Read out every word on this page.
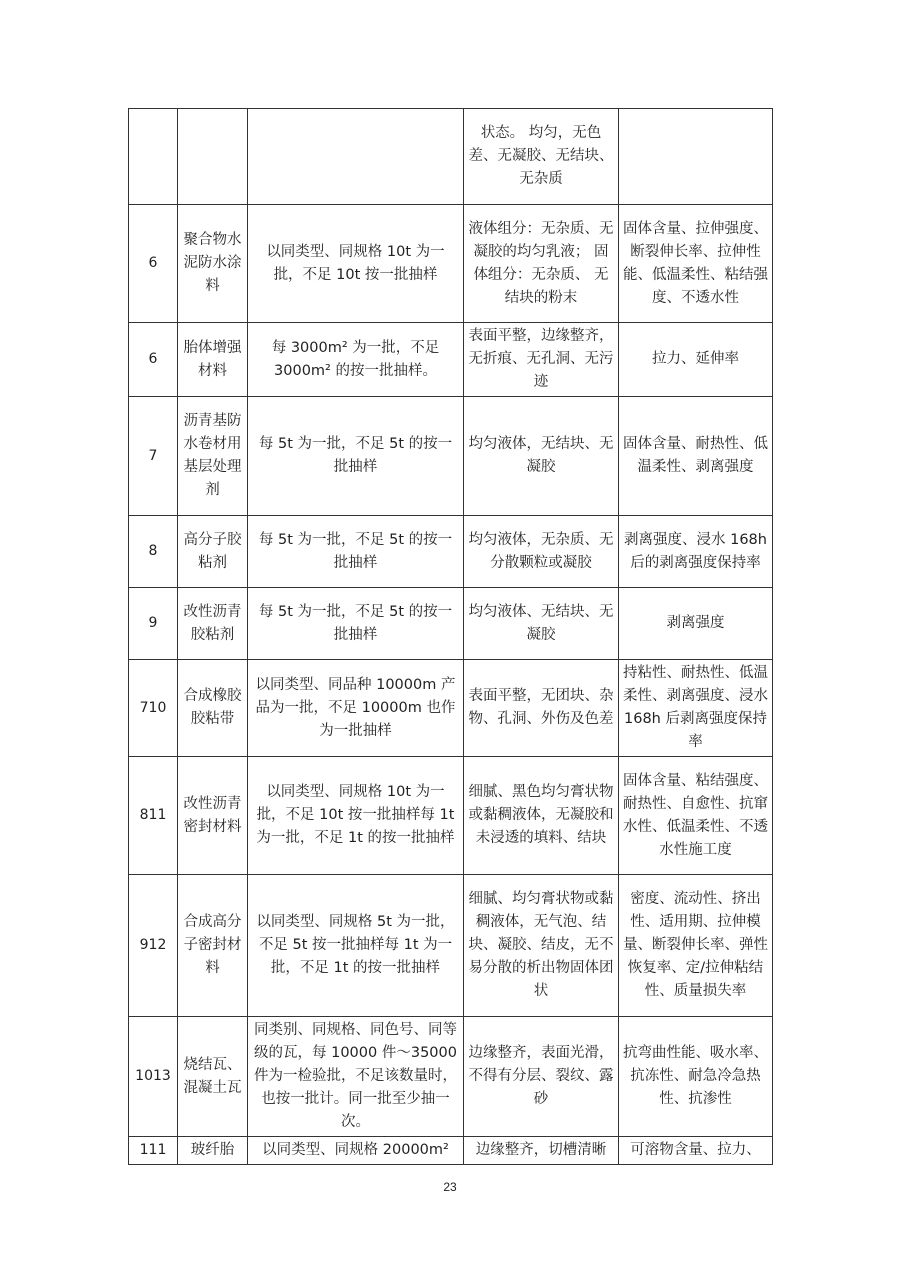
			状态。 均匀，无色差、无凝胶、无结块、无杂质	
6	聚合物水泥防水涂料	以同类型、同规格 10t 为一批，不足 10t 按一批抽样	液体组分：无杂质、无凝胶的均匀乳液； 固体组分：无杂质、 无结块的粉末	固体含量、拉伸强度、断裂伸长率、拉伸性能、低温柔性、粘结强度、不透水性
6	胎体增强材料	每 3000m² 为一批，不足 3000m² 的按一批抽样。	表面平整，边缘整齐，无折痕、无孔洞、无污迹	拉力、延伸率
7	沥青基防水卷材用基层处理剂	每 5t 为一批，不足 5t 的按一批抽样	均匀液体，无结块、无凝胶	固体含量、耐热性、低温柔性、剥离强度
8	高分子胶粘剂	每 5t 为一批，不足 5t 的按一批抽样	均匀液体，无杂质、无分散颗粒或凝胶	剥离强度、浸水 168h 后的剥离强度保持率
9	改性沥青胶粘剂	每 5t 为一批，不足 5t 的按一批抽样	均匀液体、无结块、无凝胶	剥离强度
710	合成橡胶胶粘带	以同类型、同品种 10000m 产品为一批，不足 10000m 也作为一批抽样	表面平整，无团块、杂物、孔洞、外伤及色差	持粘性、耐热性、低温柔性、剥离强度、浸水 168h 后剥离强度保持率
811	改性沥青密封材料	以同类型、同规格 10t 为一批，不足 10t 按一批抽样每 1t 为一批，不足 1t 的按一批抽样	细腻、黑色均匀膏状物或黏稠液体，无凝胶和未浸透的填料、结块	固体含量、粘结强度、耐热性、自愈性、抗窜水性、低温柔性、不透水性施工度
912	合成高分子密封材料	以同类型、同规格 5t 为一批，不足 5t 按一批抽样每 1t 为一批，不足 1t 的按一批抽样	细腻、均匀膏状物或黏稠液体，无气泡、结块、凝胶、结皮，无不易分散的析出物固体团状	密度、流动性、挤出性、适用期、拉伸模量、断裂伸长率、弹性恢复率、定/拉伸粘结性、质量损失率
1013	烧结瓦、混凝土瓦	同类别、同规格、同色号、同等级的瓦，每 10000 件～35000 件为一检验批，不足该数量时，也按一批计。同一批至少抽一次。	边缘整齐，表面光滑，不得有分层、裂纹、露砂	抗弯曲性能、吸水率、抗冻性、耐急冷急热性、抗渗性
111	玻纤胎	以同类型、同规格 20000m²	边缘整齐，切槽清晰	可溶物含量、拉力、
23
